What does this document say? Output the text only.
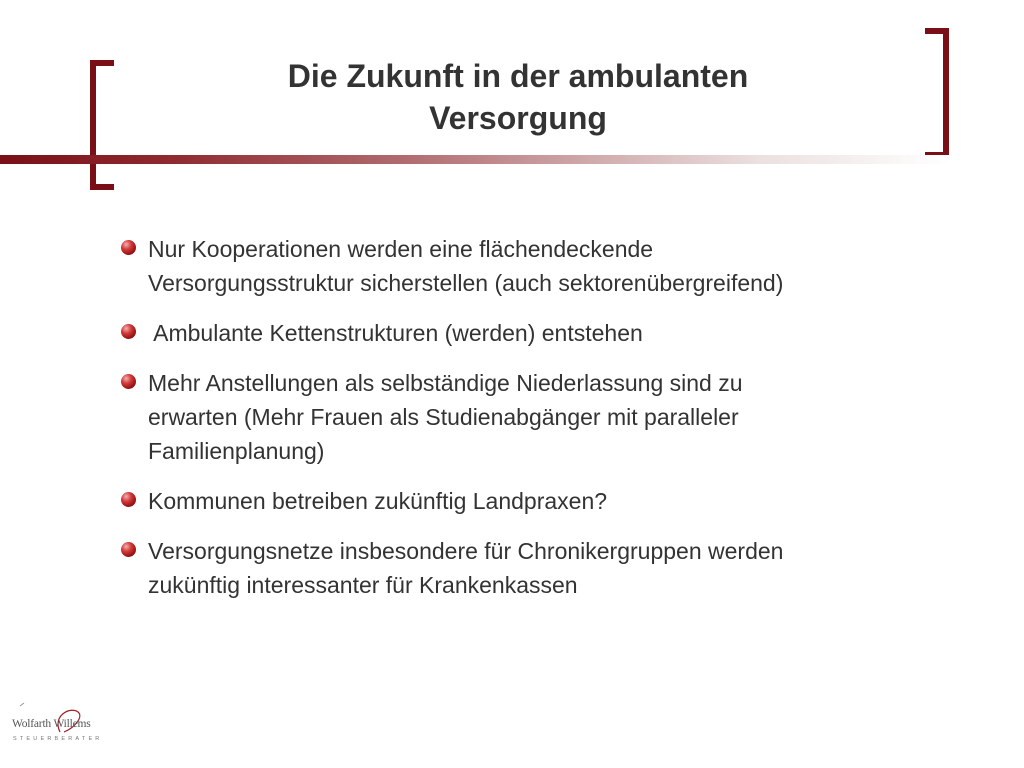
Die Zukunft in der ambulanten
Versorgung
Nur Kooperationen werden eine flächendeckende
Versorgungsstruktur sicherstellen (auch sektorenübergreifend)
Ambulante Kettenstrukturen (werden) entstehen
Mehr Anstellungen als selbständige Niederlassung sind zu
erwarten (Mehr Frauen als Studienabgänger mit paralleler
Familienplanung)
Kommunen betreiben zukünftig Landpraxen?
Versorgungsnetze insbesondere für Chronikergruppen werden
zukünftig interessanter für Krankenkassen
Wolfarth Willems
STEUERBERATER
